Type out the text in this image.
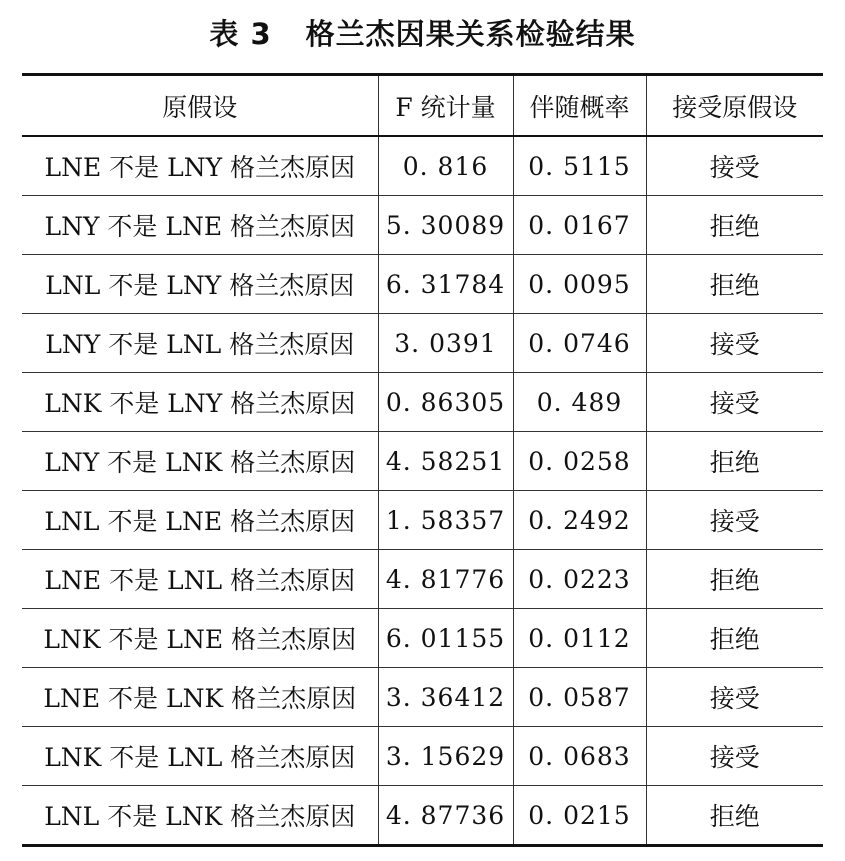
表 3 格兰杰因果关系检验结果
原假设	F 统计量	伴随概率	接受原假设
LNE 不是 LNY 格兰杰原因	0. 816	0. 5115	接受
LNY 不是 LNE 格兰杰原因	5. 30089	0. 0167	拒绝
LNL 不是 LNY 格兰杰原因	6. 31784	0. 0095	拒绝
LNY 不是 LNL 格兰杰原因	3. 0391	0. 0746	接受
LNK 不是 LNY 格兰杰原因	0. 86305	0. 489	接受
LNY 不是 LNK 格兰杰原因	4. 58251	0. 0258	拒绝
LNL 不是 LNE 格兰杰原因	1. 58357	0. 2492	接受
LNE 不是 LNL 格兰杰原因	4. 81776	0. 0223	拒绝
LNK 不是 LNE 格兰杰原因	6. 01155	0. 0112	拒绝
LNE 不是 LNK 格兰杰原因	3. 36412	0. 0587	接受
LNK 不是 LNL 格兰杰原因	3. 15629	0. 0683	接受
LNL 不是 LNK 格兰杰原因	4. 87736	0. 0215	拒绝
